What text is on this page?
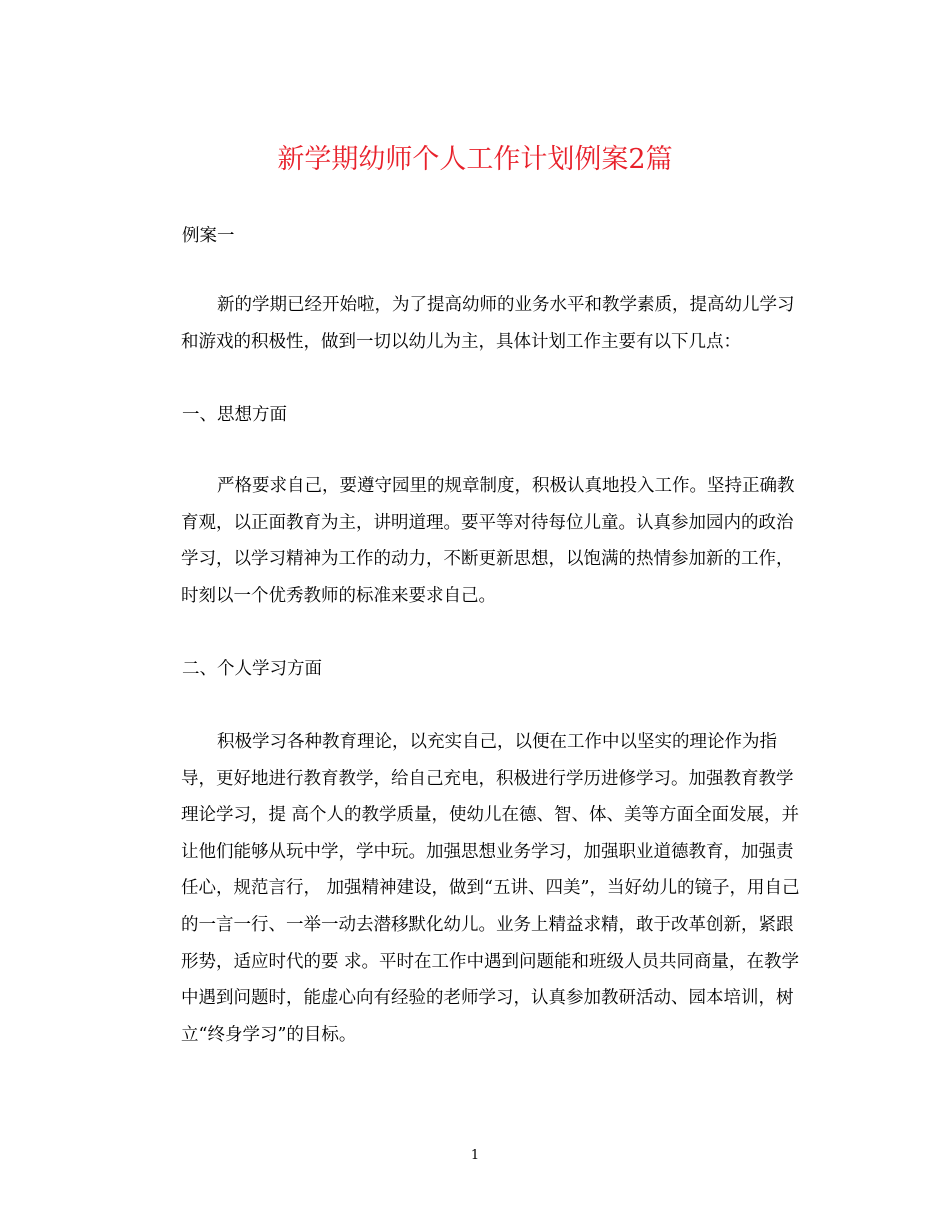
新学期幼师个人工作计划例案2篇

例案一

新的学期已经开始啦，为了提高幼师的业务水平和教学素质，提高幼儿学习
和游戏的积极性，做到一切以幼儿为主，具体计划工作主要有以下几点：

一、思想方面

严格要求自己，要遵守园里的规章制度，积极认真地投入工作。坚持正确教
育观，以正面教育为主，讲明道理。要平等对待每位儿童。认真参加园内的政治
学习，以学习精神为工作的动力，不断更新思想，以饱满的热情参加新的工作，
时刻以一个优秀教师的标准来要求自己。

二、个人学习方面

积极学习各种教育理论，以充实自己，以便在工作中以坚实的理论作为指
导，更好地进行教育教学，给自己充电，积极进行学历进修学习。加强教育教学
理论学习，提 高个人的教学质量，使幼儿在德、智、体、美等方面全面发展，并
让他们能够从玩中学，学中玩。加强思想业务学习，加强职业道德教育，加强责
任心，规范言行， 加强精神建设，做到“五讲、四美”，当好幼儿的镜子，用自己
的一言一行、一举一动去潜移默化幼儿。业务上精益求精，敢于改革创新，紧跟
形势，适应时代的要 求。平时在工作中遇到问题能和班级人员共同商量，在教学
中遇到问题时，能虚心向有经验的老师学习，认真参加教研活动、园本培训，树
立“终身学习”的目标。

1
